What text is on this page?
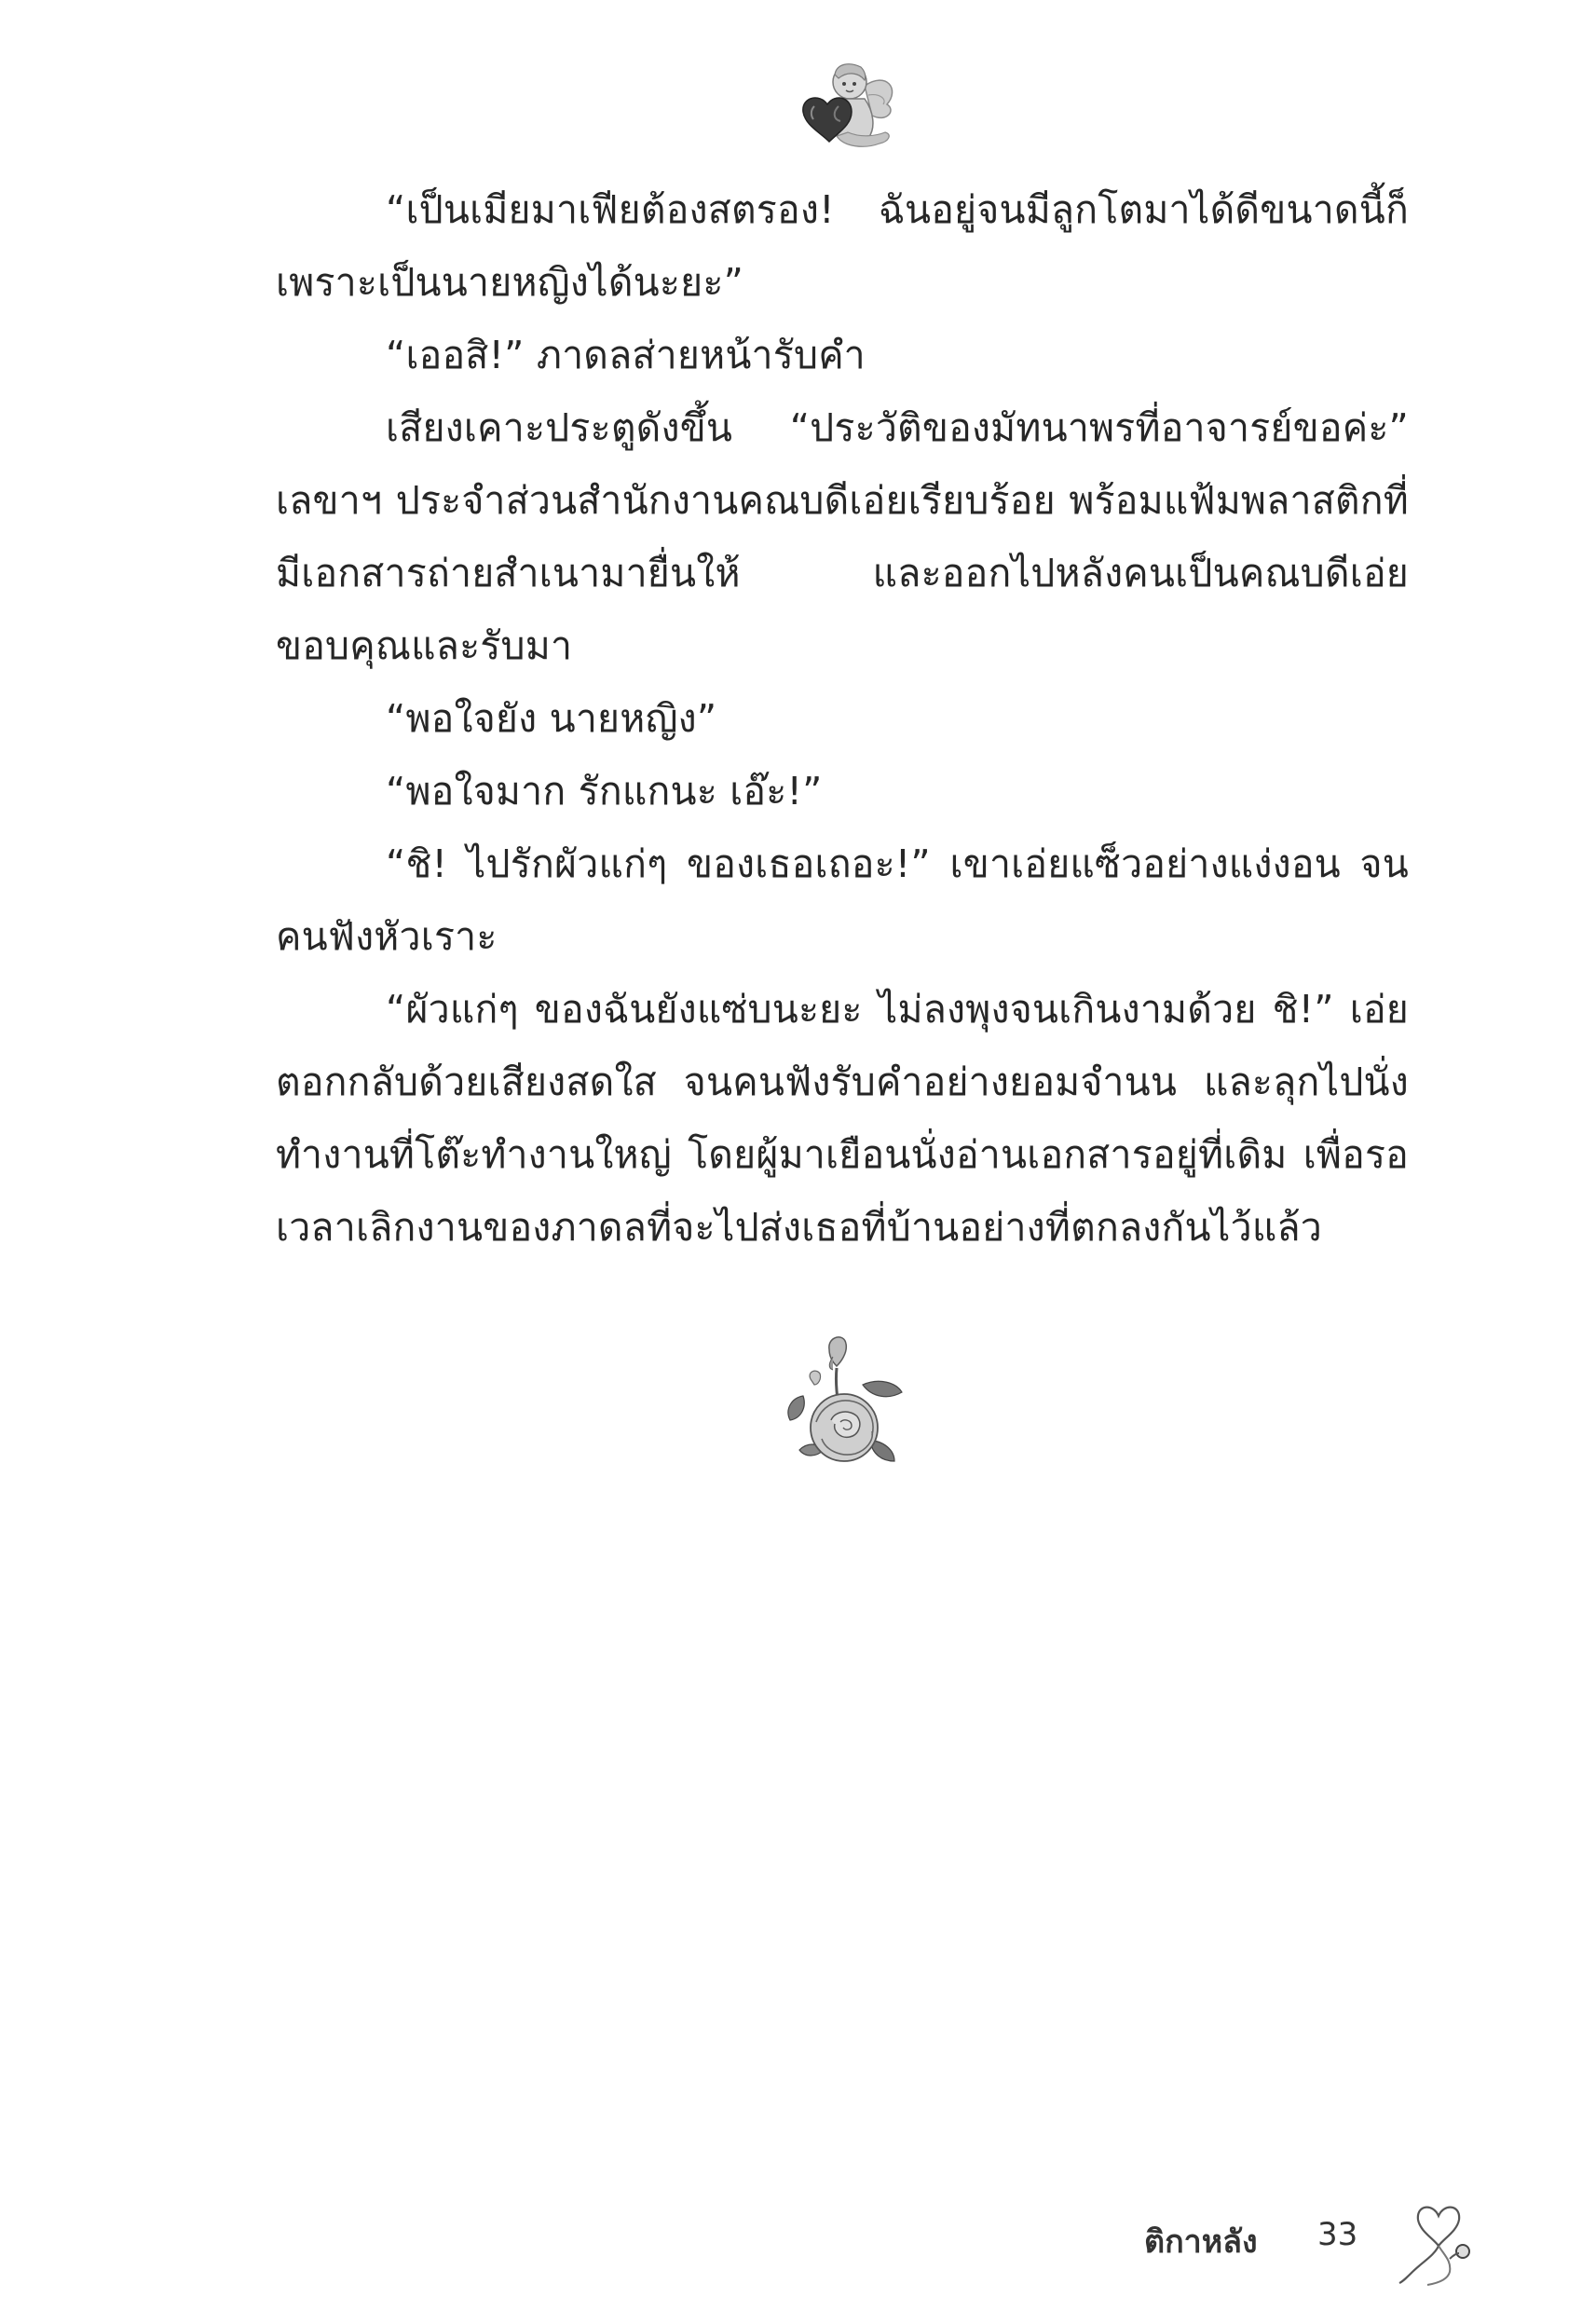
“เป็นเมียมาเฟียต้องสตรอง! ฉันอยู่จนมีลูกโตมาได้ดีขนาดนี้ก็เพราะเป็นนายหญิงได้นะยะ”

“เออสิ!” ภาดลส่ายหน้ารับคำ

เสียงเคาะประตูดังขึ้น “ประวัติของมัทนาพรที่อาจารย์ขอค่ะ” เลขาฯ ประจำส่วนสำนักงานคณบดีเอ่ยเรียบร้อย พร้อมแฟ้มพลาสติกที่มีเอกสารถ่ายสำเนามายื่นให้ และออกไปหลังคนเป็นคณบดีเอ่ยขอบคุณและรับมา

“พอใจยัง นายหญิง”

“พอใจมาก รักแกนะ เอ๊ะ!”

“ชิ! ไปรักผัวแก่ๆ ของเธอเถอะ!” เขาเอ่ยแซ็วอย่างแง่งอน จนคนฟังหัวเราะ

“ผัวแก่ๆ ของฉันยังแซ่บนะยะ ไม่ลงพุงจนเกินงามด้วย ชิ!” เอ่ยตอกกลับด้วยเสียงสดใส จนคนฟังรับคำอย่างยอมจำนน และลุกไปนั่งทำงานที่โต๊ะทำงานใหญ่ โดยผู้มาเยือนนั่งอ่านเอกสารอยู่ที่เดิม เพื่อรอเวลาเลิกงานของภาดลที่จะไปส่งเธอที่บ้านอย่างที่ตกลงกันไว้แล้ว

ติกาหลัง 33
